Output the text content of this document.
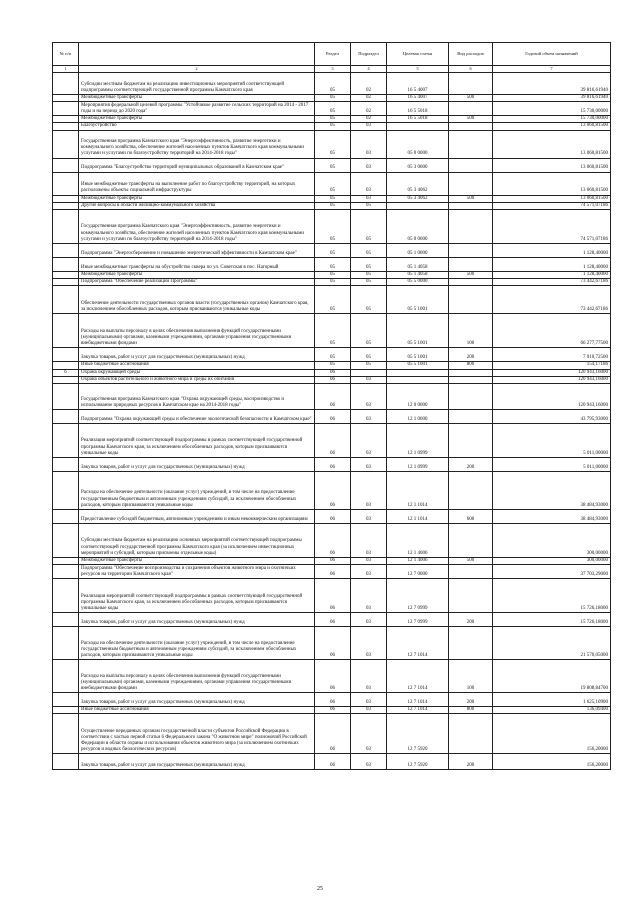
№ п/п		Раздел	Подраздел	Целевая статья	Вид расходов	Годовой объем назначений
1	2	3	4	5	6	7
	Субсидии местным бюджетам на реализацию инвестиционных мероприятий соответствующей подпрограммы соответствующей государственной программы Камчатского края	05	02	16 5 4007		39 816,61940
	Межбюджетные трансферты	05	02	16 5 4007	500	39 816,61940
	Мероприятия федеральной целевой программы "Устойчивое развитие сельских территорий на 2014 - 2017 годы и на период до 2020 года"	05	02	16 5 5018		15 730,00000
	Межбюджетные трансферты	05	02	16 5 5018	500	15 730,00000
	Благоустройство	05	03			13 060,81500
	Государственная программа Камчатского края "Энергоэффективность, развитие энергетики и коммунального хозяйства, обеспечение жителей населенных пунктов Камчатского края коммунальными услугами и услугами по благоустройству территорий на 2014-2018 годы"	05	03	05 0 0000		13 060,81500
	Подпрограмма "Благоустройство территорий муниципальных образований в Камчатском крае"	05	03	05 3 0000		13 060,81500
	Иные межбюджетные трансферты на выполнение работ по благоустройству территорий, на которых расположены объекты социальной инфраструктуры	05	03	05 3 4062		13 060,81500
	Межбюджетные трансферты	05	03	05 3 4062	500	13 060,81500
	Другие вопросы в области жилищно-коммунального хозяйства	05	05			74 571,07186
	Государственная программа Камчатского края "Энергоэффективность, развитие энергетики и коммунального хозяйства, обеспечение жителей населенных пунктов Камчатского края коммунальными услугами и услугами по благоустройству территорий на 2014-2018 годы"	05	05	05 0 0000		74 571,07186
	Подпрограмма "Энергосбережение и повышение энергетической эффективности в Камчатском крае"	05	05	05 1 0000		1 128,40000
	Иные межбюджетные трансферты на обустройство сквера по ул. Советская в пос. Нагорный	05	05	05 1 4058		1 128,40000
	Межбюджетные трансферты	05	05	05 1 4058	500	1 128,40000
	Подпрограмма "Обеспечение реализации Программы"	05	05	05 5 0000		73 442,67186
	Обеспечение деятельности государственных органов власти (государственных органов) Камчатского края, за исключением обособленных расходов, которым присваиваются уникальные коды	05	05	05 5 1001		73 442,67186
	Расходы на выплаты персоналу в целях обеспечения выполнения функций государственными (муниципальными) органами, казенными учреждениями, органами управления государственными внебюджетными фондами	05	05	05 5 1001	100	66 277,77500
	Закупка товаров, работ и услуг для государственных (муниципальных) нужд	05	05	05 5 1001	200	7 010,72500
	Иные бюджетные ассигнования	05	05	05 5 1001	800	154,17186
6	Охрана окружающей среды	06				120 943,16000
	Охрана объектов растительного и животного мира и среды их обитания	06	03			120 943,16000
	Государственная программа Камчатского края "Охрана окружающей среды, воспроизводство и использование природных ресурсов в Камчатском крае на 2014-2018 годы"	06	03	12 0 0000		120 943,16000
	Подпрограмма "Охрана окружающей среды и обеспечение экологической безопасности в Камчатском крае"	06	03	12 1 0000		43 795,93000
	Реализация мероприятий соответствующей подпрограммы в рамках соответствующей государственной программы Камчатского края, за исключением обособленных расходов, которым присваиваются уникальные коды	06	03	12 1 0999		5 011,00000
	Закупка товаров, работ и услуг для государственных (муниципальных) нужд	06	03	12 1 0999	200	5 011,00000
	Расходы на обеспечение деятельности (оказание услуг) учреждений, в том числе на предоставление государственным бюджетным и автономным учреждениям субсидий, за исключением обособленных расходов, которым присваиваются уникальные коды	06	03	12 1 1014		38 484,93000
	Предоставление субсидий бюджетным, автономным учреждениям и иным некоммерческим организациям	06	03	12 1 1014	600	38 484,93000
	Субсидии местным бюджетам на реализацию основных мероприятий соответствующей подпрограммы соответствующей государственной программы Камчатского края (за исключением инвестиционных мероприятий и субсидий, которым присвоены отдельные коды)	06	03	12 1 4006		300,00000
	Межбюджетные трансферты	06	03	12 1 4006	500	300,00000
	Подпрограмма "Обеспечение воспроизводства и сохранения объектов животного мира и охотничьих ресурсов на территории Камчатского края"	06	03	12 7 0000		37 703,29000
	Реализация мероприятий соответствующей подпрограммы в рамках соответствующей государственной программы Камчатского края, за исключением обособленных расходов, которым присваиваются уникальные коды	06	03	12 7 0999		15 726,18000
	Закупка товаров, работ и услуг для государственных (муниципальных) нужд	06	03	12 7 0999	200	15 726,18000
	Расходы на обеспечение деятельности (оказание услуг) учреждений, в том числе на предоставление государственным бюджетным и автономным учреждениям субсидий, за исключением обособленных расходов, которым присваиваются уникальные коды	06	03	12 7 1014		21 570,05000
	Расходы на выплаты персоналу в целях обеспечения выполнения функций государственными (муниципальными) органами, казенными учреждениями, органами управления государственными внебюджетными фондами	06	03	12 7 1014	100	19 808,84700
	Закупка товаров, работ и услуг для государственных (муниципальных) нужд	06	03	12 7 1014	200	1 625,10900
	Иные бюджетные ассигнования	06	03	12 7 1014	800	136,09400
	Осуществление переданных органам государственной власти субъектов Российской Федерации в соответствии с частью первой статьи 6 Федерального закона "О животном мире" полномочий Российской Федерации в области охраны и использования объектов животного мира (за исключением охотничьих ресурсов и водных биологических ресурсов)	06	03	12 7 5920		156,20000
	Закупка товаров, работ и услуг для государственных (муниципальных) нужд	06	03	12 7 5920	200	156,20000
25
